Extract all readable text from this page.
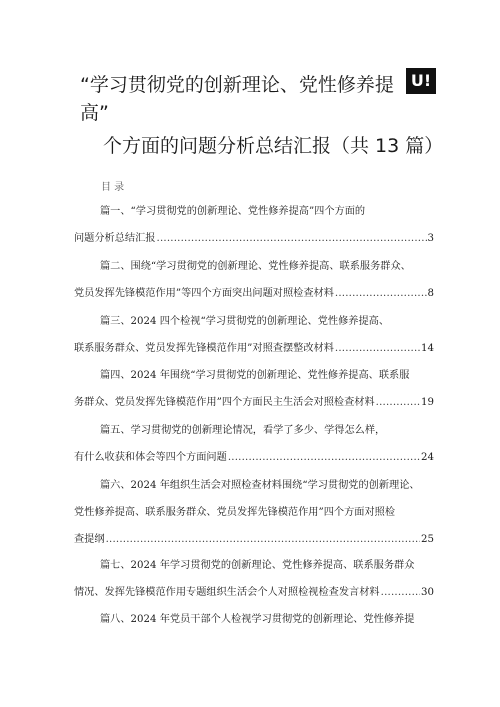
U!
“学习贯彻党的创新理论、党性修养提
高”
个方面的问题分析总结汇报（共 13 篇）
目 录
篇一、“学习贯彻党的创新理论、党性修养提高”四个方面的
问题分析总结汇报 .....	3
篇二、围绕“学习贯彻党的创新理论、党性修养提高、联系服务群众、
党员发挥先锋模范作用”等四个方面突出问题对照检查材料 .....	8
篇三、2024 四个检视“学习贯彻党的创新理论、党性修养提高、
联系服务群众、党员发挥先锋模范作用”对照查摆整改材料 .....	14
篇四、2024 年围绕“学习贯彻党的创新理论、党性修养提高、联系服
务群众、党员发挥先锋模范作用”四个方面民主生活会对照检查材料 .....	19
篇五、学习贯彻党的创新理论情况，看学了多少、学得怎么样，
有什么收获和体会等四个方面问题 .....	24
篇六、2024 年组织生活会对照检查材料围绕“学习贯彻党的创新理论、
党性修养提高、联系服务群众、党员发挥先锋模范作用”四个方面对照检
查提纲 .....	25
篇七、2024 年学习贯彻党的创新理论、党性修养提高、联系服务群众
情况、发挥先锋模范作用专题组织生活会个人对照检视检查发言材料 .....	30
篇八、2024 年党员干部个人检视学习贯彻党的创新理论、党性修养提
